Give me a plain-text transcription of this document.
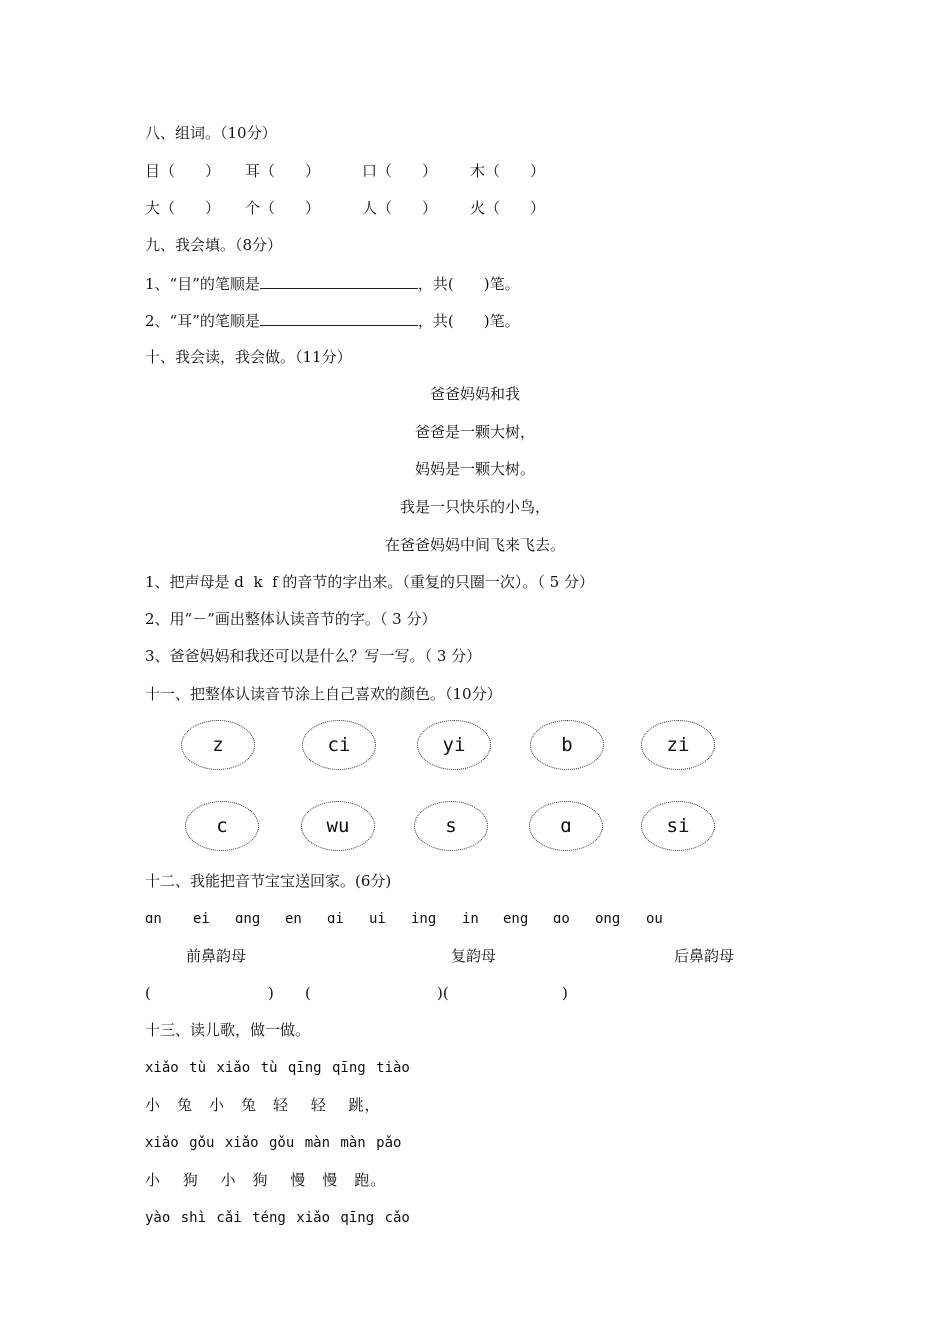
八、组词。（10分）
目（　　） 耳（　　）	口（　　） 木（　　）
大（　　） 个（　　）	人（　　） 火（　　）
九、我会填。（8分）
1、“目”的笔顺是	，共(　　)笔。
2、“耳”的笔顺是	，共(　　)笔。
十、我会读，我会做。（11分）
爸爸妈妈和我
爸爸是一颗大树，
妈妈是一颗大树。
我是一只快乐的小鸟，
在爸爸妈妈中间飞来飞去。
1、把声母是 d  k  f 的音节的字出来。（重复的只圈一次）。（ 5 分）
2、用“－”画出整体认读音节的字。（ 3 分）
3、爸爸妈妈和我还可以是什么？写一写。（ 3 分）
十一、把整体认读音节涂上自己喜欢的颜色。（10分）
z	ci	yi	b	zi
c	wu	s	ɑ	si
十二、我能把音节宝宝送回家。(6分)
ɑn ei ɑng en ɑi ui ing in eng ɑo ong ou
前鼻韵母	复韵母	后鼻韵母
(	) (	)(	)
十三、读儿歌，做一做。
xiǎo tù xiǎo tù qīng qīng tiào
小　兔　小　兔　轻　 轻　 跳，
xiǎo gǒu xiǎo gǒu màn màn pǎo
小　 狗　 小　狗　 慢　慢　跑。
yào shì cǎi téng xiǎo qīng cǎo
